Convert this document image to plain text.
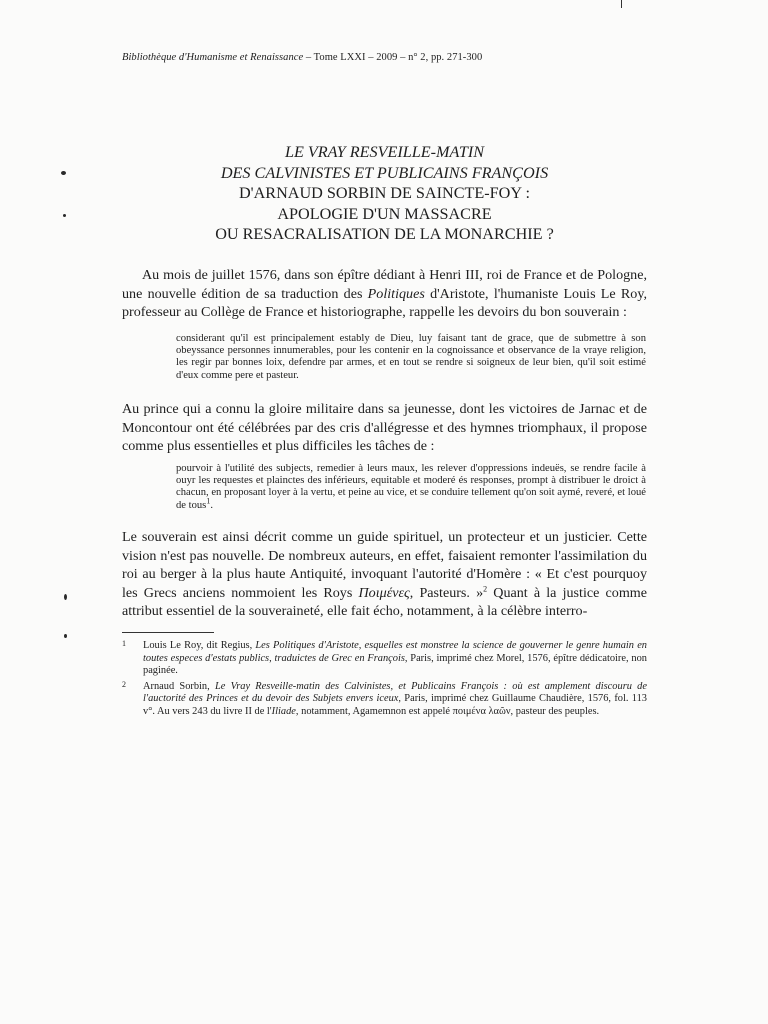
Bibliothèque d'Humanisme et Renaissance – Tome LXXI – 2009 – n° 2, pp. 271-300
LE VRAY RESVEILLE-MATIN
DES CALVINISTES ET PUBLICAINS FRANÇOIS
D'ARNAUD SORBIN DE SAINCTE-FOY :
APOLOGIE D'UN MASSACRE
OU RESACRALISATION DE LA MONARCHIE ?

Au mois de juillet 1576, dans son épître dédiant à Henri III, roi de France et de Pologne, une nouvelle édition de sa traduction des Politiques d'Aristote, l'humaniste Louis Le Roy, professeur au Collège de France et historiographe, rappelle les devoirs du bon souverain :

considerant qu'il est principalement estably de Dieu, luy faisant tant de grace, que de submettre à son obeyssance personnes innumerables, pour les contenir en la cognoissance et observance de la vraye religion, les regir par bonnes loix, defendre par armes, et en tout se rendre si soigneux de leur bien, qu'il soit estimé d'eux comme pere et pasteur.

Au prince qui a connu la gloire militaire dans sa jeunesse, dont les victoires de Jarnac et de Moncontour ont été célébrées par des cris d'allégresse et des hymnes triomphaux, il propose comme plus essentielles et plus difficiles les tâches de :

pourvoir à l'utilité des subjects, remedier à leurs maux, les relever d'oppressions indeuës, se rendre facile à ouyr les requestes et plainctes des inférieurs, equitable et moderé és responses, prompt à distribuer le droict à chacun, en proposant loyer à la vertu, et peine au vice, et se conduire tellement qu'on soit aymé, reveré, et loué de tous$^1$.

Le souverain est ainsi décrit comme un guide spirituel, un protecteur et un justicier. Cette vision n'est pas nouvelle. De nombreux auteurs, en effet, faisaient remonter l'assimilation du roi au berger à la plus haute Antiquité, invoquant l'autorité d'Homère : « Et c'est pourquoy les Grecs anciens nommoient les Roys Ποιμένες, Pasteurs. »$^2$ Quant à la justice comme attribut essentiel de la souveraineté, elle fait écho, notamment, à la célèbre interro-

1 Louis Le Roy, dit Regius, Les Politiques d'Aristote, esquelles est monstree la science de gouverner le genre humain en toutes especes d'estats publics, traduictes de Grec en François, Paris, imprimé chez Morel, 1576, épître dédicatoire, non paginée.
2 Arnaud Sorbin, Le Vray Resveille-matin des Calvinistes, et Publicains François : où est amplement discouru de l'auctorité des Princes et du devoir des Subjets envers iceux, Paris, imprimé chez Guillaume Chaudière, 1576, fol. 113 v°. Au vers 243 du livre II de l'Iliade, notamment, Agamemnon est appelé ποιμένα λαῶν, pasteur des peuples.
